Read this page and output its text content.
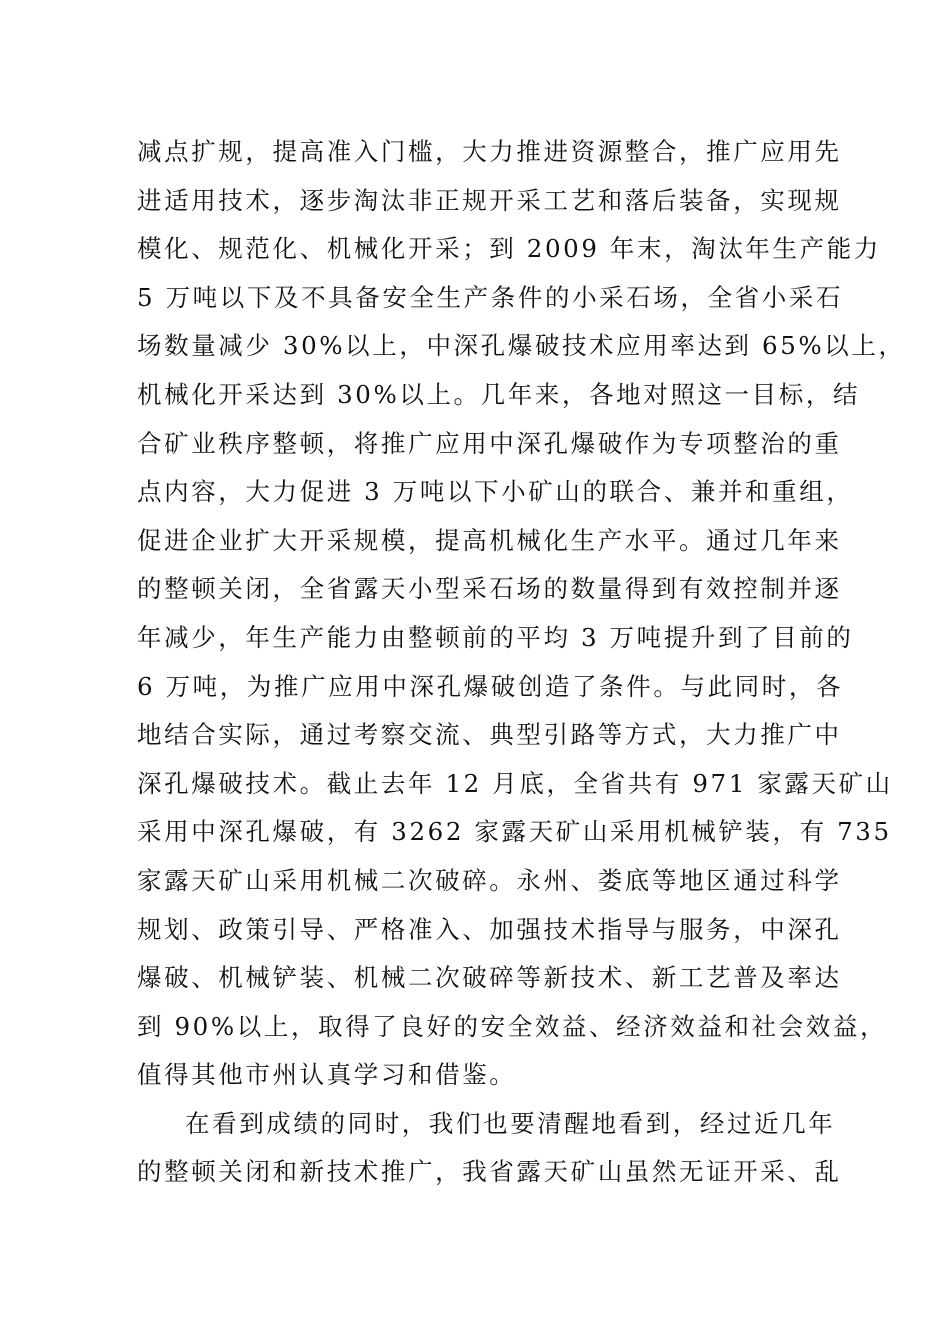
减点扩规，提高准入门槛，大力推进资源整合，推广应用先
进适用技术，逐步淘汰非正规开采工艺和落后装备，实现规
模化、规范化、机械化开采；到 2009 年末，淘汰年生产能力
5 万吨以下及不具备安全生产条件的小采石场，全省小采石
场数量减少 30%以上，中深孔爆破技术应用率达到 65%以上，
机械化开采达到 30%以上。几年来，各地对照这一目标，结
合矿业秩序整顿，将推广应用中深孔爆破作为专项整治的重
点内容，大力促进 3 万吨以下小矿山的联合、兼并和重组，
促进企业扩大开采规模，提高机械化生产水平。通过几年来
的整顿关闭，全省露天小型采石场的数量得到有效控制并逐
年减少，年生产能力由整顿前的平均 3 万吨提升到了目前的
6 万吨，为推广应用中深孔爆破创造了条件。与此同时，各
地结合实际，通过考察交流、典型引路等方式，大力推广中
深孔爆破技术。截止去年 12 月底，全省共有 971 家露天矿山
采用中深孔爆破，有 3262 家露天矿山采用机械铲装，有 735
家露天矿山采用机械二次破碎。永州、娄底等地区通过科学
规划、政策引导、严格准入、加强技术指导与服务，中深孔
爆破、机械铲装、机械二次破碎等新技术、新工艺普及率达
到 90%以上，取得了良好的安全效益、经济效益和社会效益，
值得其他市州认真学习和借鉴。
在看到成绩的同时，我们也要清醒地看到，经过近几年
的整顿关闭和新技术推广，我省露天矿山虽然无证开采、乱
